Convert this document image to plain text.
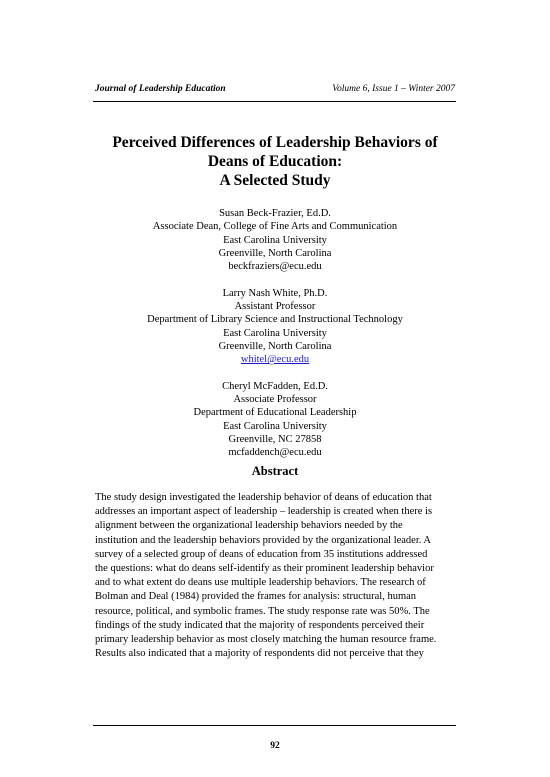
Journal of Leadership Education	Volume 6, Issue 1 – Winter 2007
Perceived Differences of Leadership Behaviors of
Deans of Education:
A Selected Study
Susan Beck-Frazier, Ed.D.
Associate Dean, College of Fine Arts and Communication
East Carolina University
Greenville, North Carolina
beckfraziers@ecu.edu
Larry Nash White, Ph.D.
Assistant Professor
Department of Library Science and Instructional Technology
East Carolina University
Greenville, North Carolina
whitel@ecu.edu
Cheryl McFadden, Ed.D.
Associate Professor
Department of Educational Leadership
East Carolina University
Greenville, NC 27858
mcfaddench@ecu.edu
Abstract
The study design investigated the leadership behavior of deans of education that
addresses an important aspect of leadership – leadership is created when there is
alignment between the organizational leadership behaviors needed by the
institution and the leadership behaviors provided by the organizational leader. A
survey of a selected group of deans of education from 35 institutions addressed
the questions: what do deans self-identify as their prominent leadership behavior
and to what extent do deans use multiple leadership behaviors. The research of
Bolman and Deal (1984) provided the frames for analysis: structural, human
resource, political, and symbolic frames. The study response rate was 50%. The
findings of the study indicated that the majority of respondents perceived their
primary leadership behavior as most closely matching the human resource frame.
Results also indicated that a majority of respondents did not perceive that they
92
